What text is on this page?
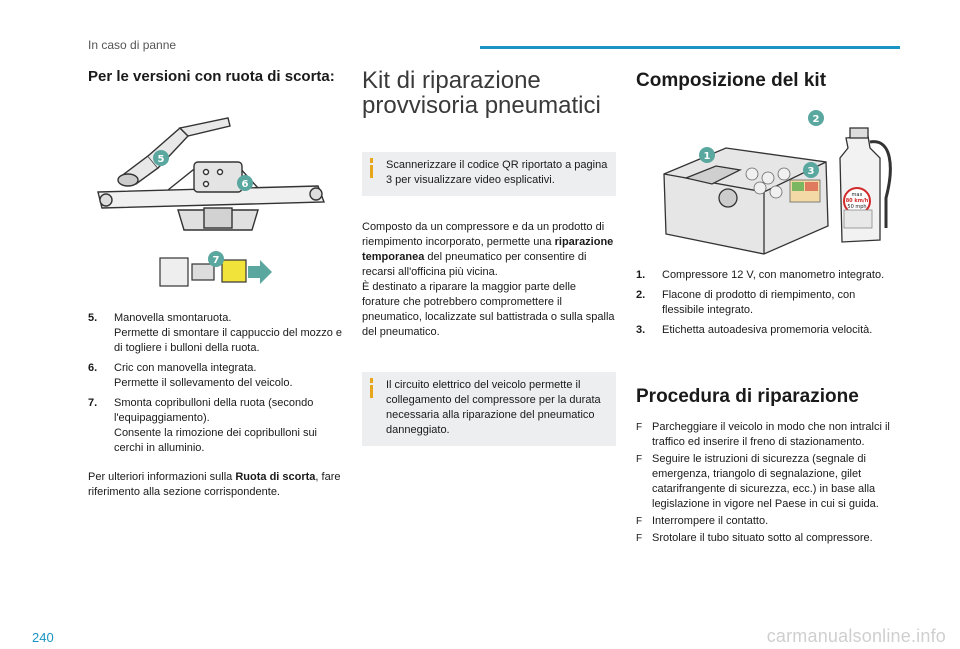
In caso di panne
Per le versioni con ruota di scorta:
5
6
7
5.	Manovella smontaruota.
Permette di smontare il cappuccio del mozzo e di togliere i bulloni della ruota.
6.	Cric con manovella integrata.
Permette il sollevamento del veicolo.
7.	Smonta copribulloni della ruota (secondo l'equipaggiamento).
Consente la rimozione dei copribulloni sui cerchi in alluminio.
Per ulteriori informazioni sulla Ruota di scorta, fare riferimento alla sezione corrispondente.
Kit di riparazione provvisoria pneumatici
Scannerizzare il codice QR riportato a pagina 3 per visualizzare video esplicativi.
Composto da un compressore e da un prodotto di riempimento incorporato, permette una riparazione temporanea del pneumatico per consentire di recarsi all'officina più vicina.
È destinato a riparare la maggior parte delle forature che potrebbero compromettere il pneumatico, localizzate sul battistrada o sulla spalla del pneumatico.
Il circuito elettrico del veicolo permette il collegamento del compressore per la durata necessaria alla riparazione del pneumatico danneggiato.
Composizione del kit
max
80 km/h
50 mph
1
2
3
1.	Compressore 12 V, con manometro integrato.
2.	Flacone di prodotto di riempimento, con flessibile integrato.
3.	Etichetta autoadesiva promemoria velocità.
Procedura di riparazione
F Parcheggiare il veicolo in modo che non intralci il traffico ed inserire il freno di stazionamento.
F Seguire le istruzioni di sicurezza (segnale di emergenza, triangolo di segnalazione, gilet catarifrangente di sicurezza, ecc.) in base alla legislazione in vigore nel Paese in cui si guida.
F Interrompere il contatto.
F Srotolare il tubo situato sotto al compressore.
240	carmanualsonline.info
